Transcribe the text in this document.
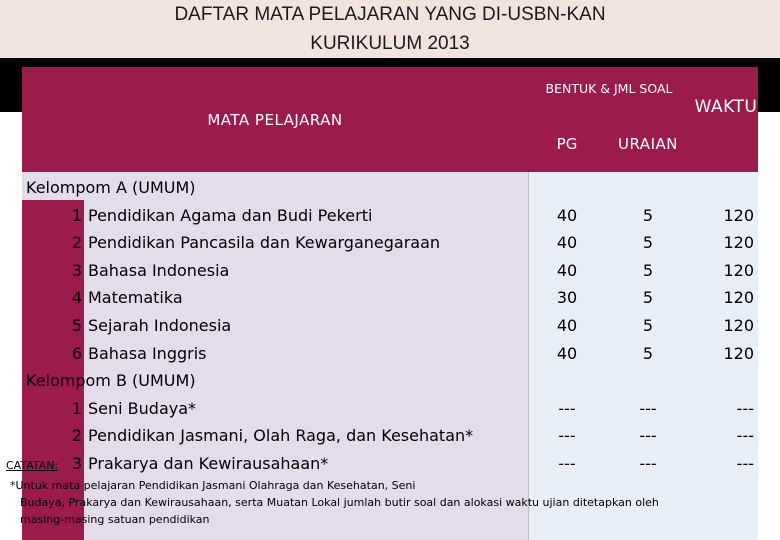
DAFTAR MATA PELAJARAN YANG DI-USBN-KAN
KURIKULUM 2013
MATA PELAJARAN
BENTUK & JML SOAL
PG	URAIAN
WAKTU
Kelompom A (UMUM)
1 Pendidikan Agama dan Budi Pekerti	40	5	120
2 Pendidikan Pancasila dan Kewarganegaraan	40	5	120
3 Bahasa Indonesia	40	5	120
4 Matematika	30	5	120
5 Sejarah Indonesia	40	5	120
6 Bahasa Inggris	40	5	120
Kelompom B (UMUM)
1 Seni Budaya*	---	---	---
2 Pendidikan Jasmani, Olah Raga, dan Kesehatan*	---	---	---
3 Prakarya dan Kewirausahaan*	---	---	---
CATATAN:
*Untuk mata pelajaran Pendidikan Jasmani Olahraga dan Kesehatan, Seni
Budaya, Prakarya dan Kewirausahaan, serta Muatan Lokal jumlah butir soal dan alokasi waktu ujian ditetapkan oleh
masing-masing satuan pendidikan
